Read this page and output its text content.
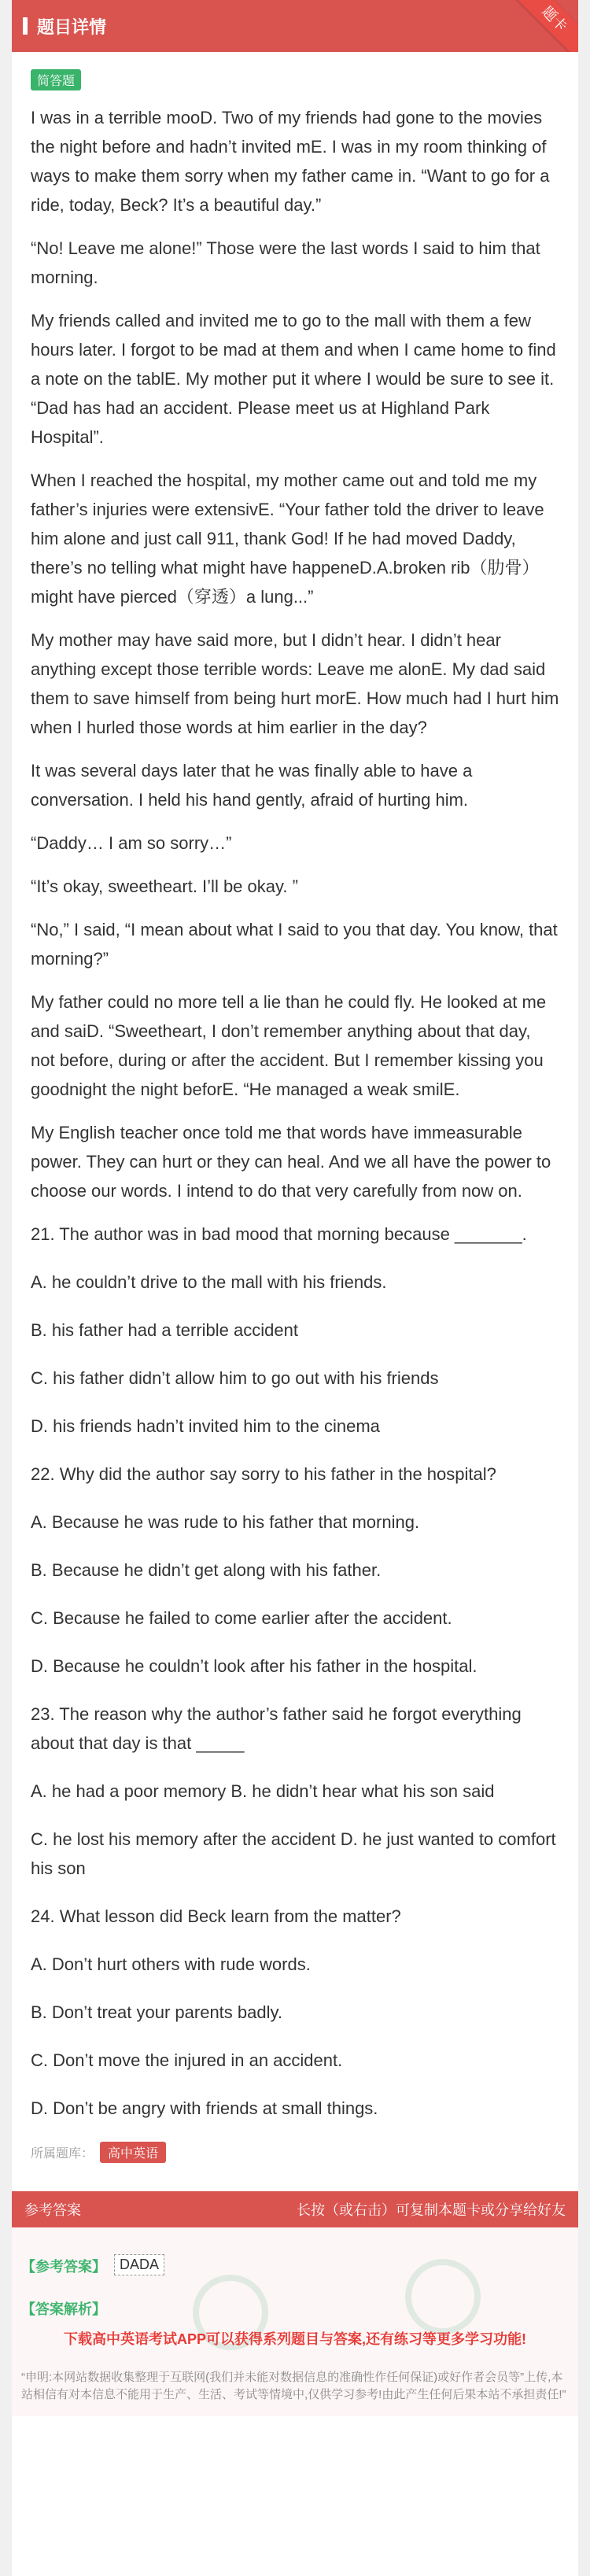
题目详情	题卡
简答题

I was in a terrible mooD. Two of my friends had gone to the movies the night before and hadn’t invited mE. I was in my room thinking of ways to make them sorry when my father came in. “Want to go for a ride, today, Beck? It’s a beautiful day.”

“No! Leave me alone!” Those were the last words I said to him that morning.

My friends called and invited me to go to the mall with them a few hours later. I forgot to be mad at them and when I came home to find a note on the tablE. My mother put it where I would be sure to see it. “Dad has had an accident. Please meet us at Highland Park Hospital”.

When I reached the hospital, my mother came out and told me my father’s injuries were extensivE. “Your father told the driver to leave him alone and just call 911, thank God! If he had moved Daddy, there’s no telling what might have happeneD.A.broken rib（肋骨）might have pierced（穿透）a lung...”

My mother may have said more, but I didn’t hear. I didn’t hear anything except those terrible words: Leave me alonE. My dad said them to save himself from being hurt morE. How much had I hurt him when I hurled those words at him earlier in the day?

It was several days later that he was finally able to have a conversation. I held his hand gently, afraid of hurting him.

“Daddy… I am so sorry…”

“It’s okay, sweetheart. I’ll be okay. ”

“No,” I said, “I mean about what I said to you that day. You know, that morning?”

My father could no more tell a lie than he could fly. He looked at me and saiD. “Sweetheart, I don’t remember anything about that day, not before, during or after the accident. But I remember kissing you goodnight the night beforE. “He managed a weak smilE.

My English teacher once told me that words have immeasurable power. They can hurt or they can heal. And we all have the power to choose our words. I intend to do that very carefully from now on.

21. The author was in bad mood that morning because _______.

A. he couldn’t drive to the mall with his friends.

B. his father had a terrible accident

C. his father didn’t allow him to go out with his friends

D. his friends hadn’t invited him to the cinema

22. Why did the author say sorry to his father in the hospital?

A. Because he was rude to his father that morning.

B. Because he didn’t get along with his father.

C. Because he failed to come earlier after the accident.

D. Because he couldn’t look after his father in the hospital.

23. The reason why the author’s father said he forgot everything about that day is that _____

A. he had a poor memory B. he didn’t hear what his son said

C. he lost his memory after the accident D. he just wanted to comfort his son

24. What lesson did Beck learn from the matter?

A. Don’t hurt others with rude words.

B. Don’t treat your parents badly.

C. Don’t move the injured in an accident.

D. Don’t be angry with friends at small things.

所属题库：	高中英语
参考答案	长按（或右击）可复制本题卡或分享给好友
【参考答案】 DADA
【答案解析】
下载高中英语考试APP可以获得系列题目与答案,还有练习等更多学习功能!
“申明:本网站数据收集整理于互联网(我们并未能对数据信息的准确性作任何保证)或好作者会员等”上传,本站相信有对本信息不能用于生产、生活、考试等情境中,仅供学习参考!由此产生任何后果本站不承担责任!”
